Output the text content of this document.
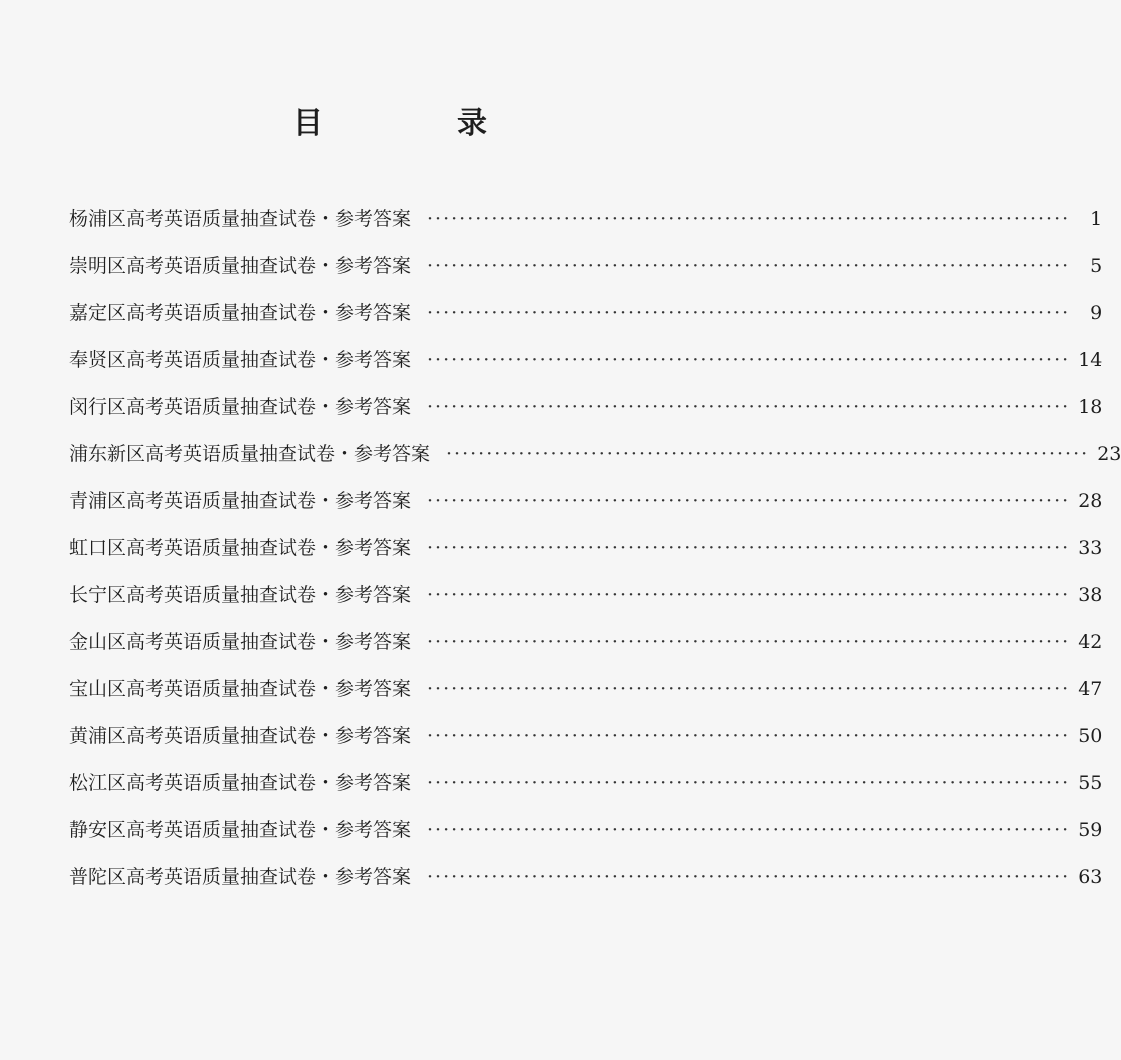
目　录
杨浦区高考英语质量抽查试卷・参考答案 ················································································	1
崇明区高考英语质量抽查试卷・参考答案 ················································································	5
嘉定区高考英语质量抽查试卷・参考答案 ················································································	9
奉贤区高考英语质量抽查试卷・参考答案 ················································································ 14
闵行区高考英语质量抽查试卷・参考答案 ················································································ 18
浦东新区高考英语质量抽查试卷・参考答案 ················································································ 23
青浦区高考英语质量抽查试卷・参考答案 ················································································ 28
虹口区高考英语质量抽查试卷・参考答案 ················································································ 33
长宁区高考英语质量抽查试卷・参考答案 ················································································ 38
金山区高考英语质量抽查试卷・参考答案 ················································································ 42
宝山区高考英语质量抽查试卷・参考答案 ················································································ 47
黄浦区高考英语质量抽查试卷・参考答案 ················································································ 50
松江区高考英语质量抽查试卷・参考答案 ················································································ 55
静安区高考英语质量抽查试卷・参考答案 ················································································ 59
普陀区高考英语质量抽查试卷・参考答案 ················································································ 63
